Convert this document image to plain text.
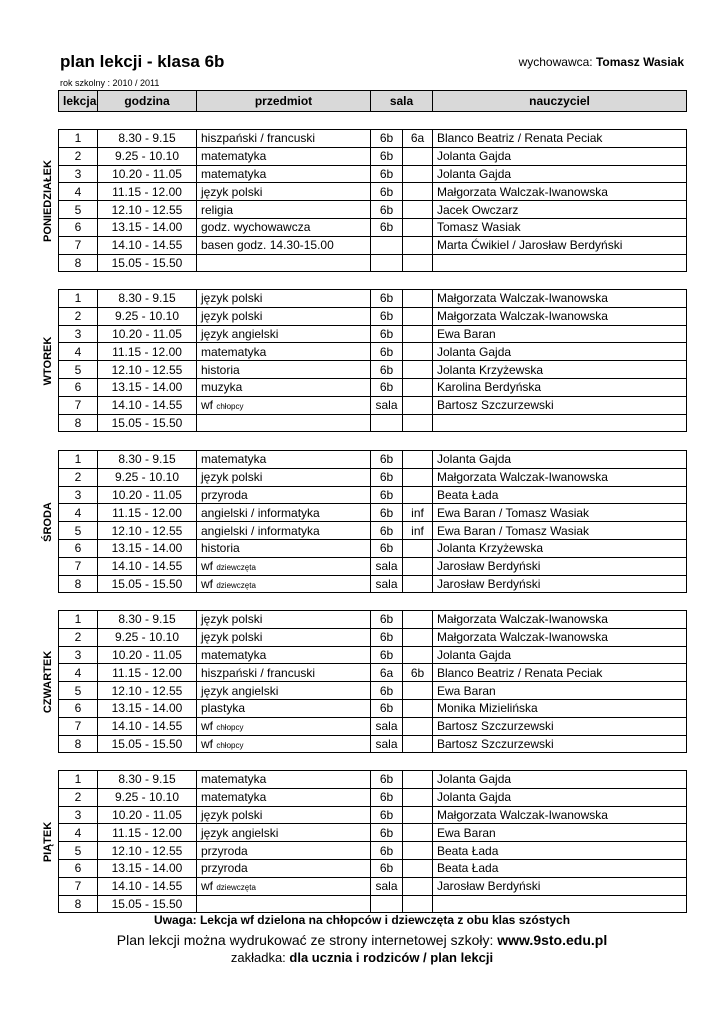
plan lekcji - klasa 6b	wychowawca: Tomasz Wasiak
rok szkolny : 2010 / 2011
lekcja	godzina	przedmiot	sala	nauczyciel
1	8.30 - 9.15	hiszpański / francuski	6b	6a	Blanco Beatriz / Renata Peciak
2	9.25 - 10.10	matematyka	6b		Jolanta Gajda
3	10.20 - 11.05	matematyka	6b		Jolanta Gajda
4	11.15 - 12.00	język polski	6b		Małgorzata Walczak-Iwanowska
5	12.10 - 12.55	religia	6b		Jacek Owczarz
6	13.15 - 14.00	godz. wychowawcza	6b		Tomasz Wasiak
7	14.10 - 14.55	basen godz. 14.30-15.00			Marta Ćwikiel / Jarosław Berdyński
8	15.05 - 15.50				
PONIEDZIAŁEK
1	8.30 - 9.15	język polski	6b		Małgorzata Walczak-Iwanowska
2	9.25 - 10.10	język polski	6b		Małgorzata Walczak-Iwanowska
3	10.20 - 11.05	język angielski	6b		Ewa Baran
4	11.15 - 12.00	matematyka	6b		Jolanta Gajda
5	12.10 - 12.55	historia	6b		Jolanta Krzyżewska
6	13.15 - 14.00	muzyka	6b		Karolina Berdyńska
7	14.10 - 14.55	wf chłopcy	sala		Bartosz Szczurzewski
8	15.05 - 15.50				
WTOREK
1	8.30 - 9.15	matematyka	6b		Jolanta Gajda
2	9.25 - 10.10	język polski	6b		Małgorzata Walczak-Iwanowska
3	10.20 - 11.05	przyroda	6b		Beata Łada
4	11.15 - 12.00	angielski / informatyka	6b	inf	Ewa Baran / Tomasz Wasiak
5	12.10 - 12.55	angielski / informatyka	6b	inf	Ewa Baran / Tomasz Wasiak
6	13.15 - 14.00	historia	6b		Jolanta Krzyżewska
7	14.10 - 14.55	wf dziewczęta	sala		Jarosław Berdyński
8	15.05 - 15.50	wf dziewczęta	sala		Jarosław Berdyński
ŚRODA
1	8.30 - 9.15	język polski	6b		Małgorzata Walczak-Iwanowska
2	9.25 - 10.10	język polski	6b		Małgorzata Walczak-Iwanowska
3	10.20 - 11.05	matematyka	6b		Jolanta Gajda
4	11.15 - 12.00	hiszpański / francuski	6a	6b	Blanco Beatriz / Renata Peciak
5	12.10 - 12.55	język angielski	6b		Ewa Baran
6	13.15 - 14.00	plastyka	6b		Monika Mizielińska
7	14.10 - 14.55	wf chłopcy	sala		Bartosz Szczurzewski
8	15.05 - 15.50	wf chłopcy	sala		Bartosz Szczurzewski
CZWARTEK
1	8.30 - 9.15	matematyka	6b		Jolanta Gajda
2	9.25 - 10.10	matematyka	6b		Jolanta Gajda
3	10.20 - 11.05	język polski	6b		Małgorzata Walczak-Iwanowska
4	11.15 - 12.00	język angielski	6b		Ewa Baran
5	12.10 - 12.55	przyroda	6b		Beata Łada
6	13.15 - 14.00	przyroda	6b		Beata Łada
7	14.10 - 14.55	wf dziewczęta	sala		Jarosław Berdyński
8	15.05 - 15.50				
PIĄTEK
Uwaga: Lekcja wf dzielona na chłopców i dziewczęta z obu klas szóstych
Plan lekcji można wydrukować ze strony internetowej szkoły: www.9sto.edu.pl
zakładka: dla ucznia i rodziców / plan lekcji
